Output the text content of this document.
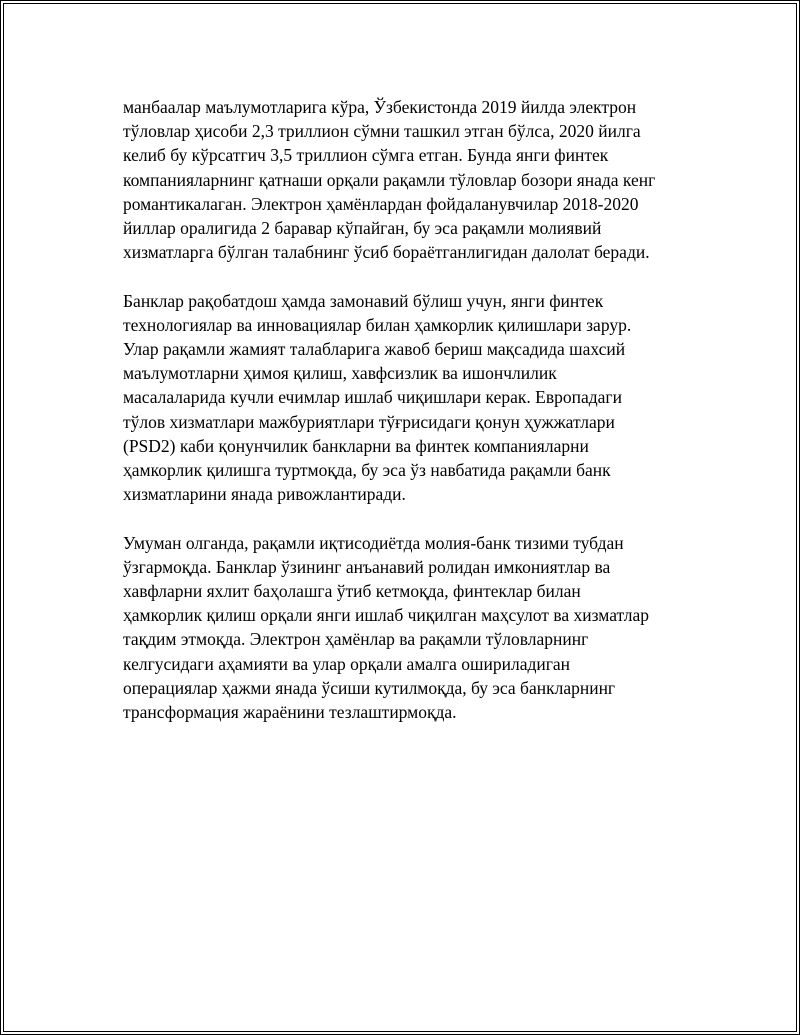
манбаалар маълумотларига кўра, Ўзбекистонда 2019 йилда электрон
тўловлар ҳисоби 2,3 триллион сўмни ташкил этган бўлса, 2020 йилга
келиб бу кўрсатгич 3,5 триллион сўмга етган. Бунда янги финтек
компанияларнинг қатнаши орқали рақамли тўловлар бозори янада кенг
романтикалаган. Электрон ҳамёнлардан фойдаланувчилар 2018-2020
йиллар оралигида 2 баравар кўпайган, бу эса рақамли молиявий
хизматларга бўлган талабнинг ўсиб бораётганлигидан далолат беради.

Банклар рақобатдош ҳамда замонавий бўлиш учун, янги финтек
технологиялар ва инновациялар билан ҳамкорлик қилишлари зарур.
Улар рақамли жамият талабларига жавоб бериш мақсадида шахсий
маълумотларни ҳимоя қилиш, хавфсизлик ва ишончлилик
масалаларида кучли ечимлар ишлаб чиқишлари керак. Европадаги
тўлов хизматлари мажбуриятлари тўғрисидаги қонун ҳужжатлари
(PSD2) каби қонунчилик банкларни ва финтек компанияларни
ҳамкорлик қилишга туртмоқда, бу эса ўз навбатида рақамли банк
хизматларини янада ривожлантиради.

Умуман олганда, рақамли иқтисодиётда молия-банк тизими тубдан
ўзгармоқда. Банклар ўзининг анъанавий ролидан имкониятлар ва
хавфларни яхлит баҳолашга ўтиб кетмоқда, финтеклар билан
ҳамкорлик қилиш орқали янги ишлаб чиқилган маҳсулот ва хизматлар
тақдим этмоқда. Электрон ҳамёнлар ва рақамли тўловларнинг
келгусидаги аҳамияти ва улар орқали амалга ошириладиган
операциялар ҳажми янада ўсиши кутилмоқда, бу эса банкларнинг
трансформация жараёнини тезлаштирмоқда.
